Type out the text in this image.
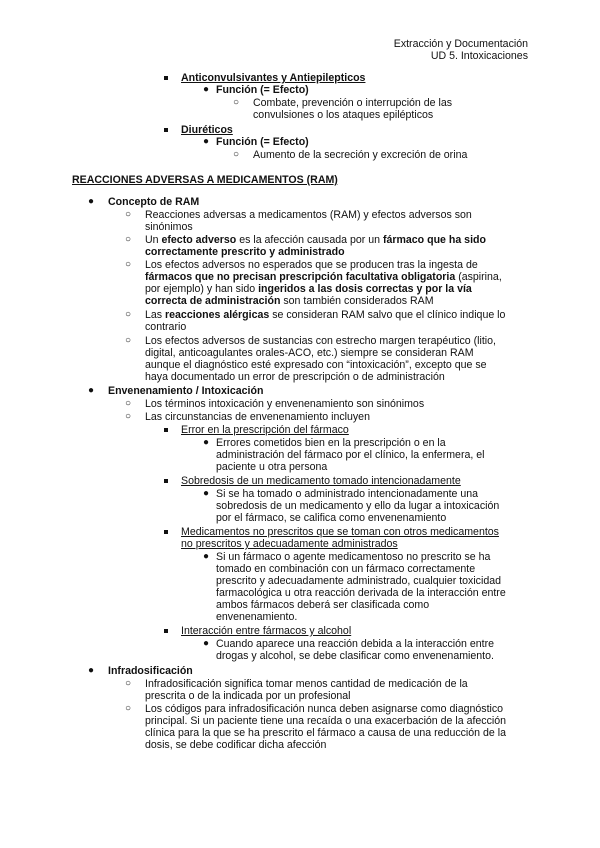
Extracción y Documentación
UD 5. Intoxicaciones
Anticonvulsivantes y Antiepilepticos
● Función (= Efecto)
○ Combate, prevención o interrupción de las
convulsiones o los ataques epilépticos
Diuréticos
● Función (= Efecto)
○ Aumento de la secreción y excreción de orina
REACCIONES ADVERSAS A MEDICAMENTOS (RAM)
● Concepto de RAM
○ Reacciones adversas a medicamentos (RAM) y efectos adversos son
sinónimos
○ Un efecto adverso es la afección causada por un fármaco que ha sido
correctamente prescrito y administrado
○ Los efectos adversos no esperados que se producen tras la ingesta de
fármacos que no precisan prescripción facultativa obligatoria (aspirina,
por ejemplo) y han sido ingeridos a las dosis correctas y por la vía
correcta de administración son también considerados RAM
○ Las reacciones alérgicas se consideran RAM salvo que el clínico indique lo
contrario
○ Los efectos adversos de sustancias con estrecho margen terapéutico (litio,
digital, anticoagulantes orales-ACO, etc.) siempre se consideran RAM
aunque el diagnóstico esté expresado con “intoxicación”, excepto que se
haya documentado un error de prescripción o de administración
● Envenenamiento / Intoxicación
○ Los términos intoxicación y envenenamiento son sinónimos
○ Las circunstancias de envenenamiento incluyen
Error en la prescripción del fármaco
● Errores cometidos bien en la prescripción o en la
administración del fármaco por el clínico, la enfermera, el
paciente u otra persona
Sobredosis de un medicamento tomado intencionadamente
● Si se ha tomado o administrado intencionadamente una
sobredosis de un medicamento y ello da lugar a intoxicación
por el fármaco, se califica como envenenamiento
Medicamentos no prescritos que se toman con otros medicamentos
no prescritos y adecuadamente administrados
● Si un fármaco o agente medicamentoso no prescrito se ha
tomado en combinación con un fármaco correctamente
prescrito y adecuadamente administrado, cualquier toxicidad
farmacológica u otra reacción derivada de la interacción entre
ambos fármacos deberá ser clasificada como
envenenamiento.
Interacción entre fármacos y alcohol
● Cuando aparece una reacción debida a la interacción entre
drogas y alcohol, se debe clasificar como envenenamiento.
● Infradosificación
○ Infradosificación significa tomar menos cantidad de medicación de la
prescrita o de la indicada por un profesional
○ Los códigos para infradosificación nunca deben asignarse como diagnóstico
principal. Si un paciente tiene una recaída o una exacerbación de la afección
clínica para la que se ha prescrito el fármaco a causa de una reducción de la
dosis, se debe codificar dicha afección
